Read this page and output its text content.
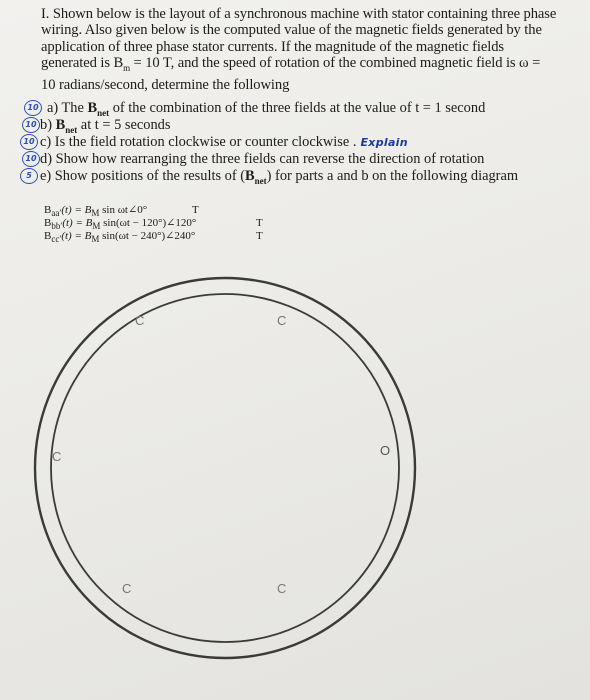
I. Shown below is the layout of a synchronous machine with stator containing three phase
wiring. Also given below is the computed value of the magnetic fields generated by the
application of three phase stator currents. If the magnitude of the magnetic fields
generated is $B_m = 10$ T, and the speed of rotation of the combined magnetic field is ω =
10 radians/second, determine the following
10 a) The $B_{net}$ of the combination of the three fields at the value of t = 1 second
10 b) $B_{net}$ at t = 5 seconds
10 c) Is the field rotation clockwise or counter clockwise . Explain
10 d) Show how rearranging the three fields can reverse the direction of rotation
5 e) Show positions of the results of $(B_{net})$ for parts a and b on the following diagram
$B_{aa'}(t) = B_M$ sin ωt∠0°	T
$B_{bb'}(t) = B_M$ sin(ωt − 120°)∠120°	T
$B_{cc'}(t) = B_M$ sin(ωt − 240°)∠240°	T
C	C
C	O
C	C
